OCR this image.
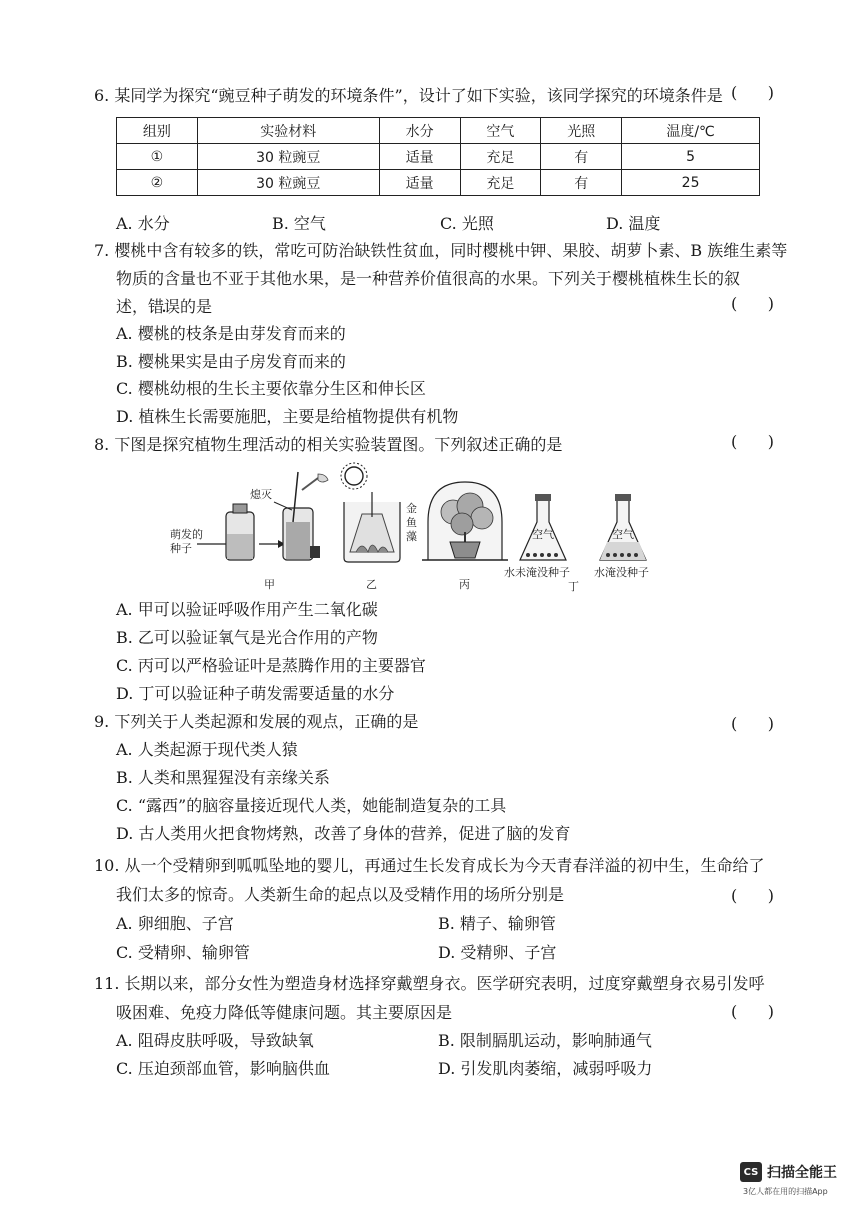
6. 某同学为探究“豌豆种子萌发的环境条件”，设计了如下实验，该同学探究的环境条件是 (      )
组别	实验材料	水分	空气	光照	温度/℃
①	30 粒豌豆	适量	充足	有	5
②	30 粒豌豆	适量	充足	有	25
A. 水分	B. 空气	C. 光照	D. 温度
7. 樱桃中含有较多的铁，常吃可防治缺铁性贫血，同时樱桃中钾、果胶、胡萝卜素、B 族维生素等
物质的含量也不亚于其他水果，是一种营养价值很高的水果。下列关于樱桃植株生长的叙
述，错误的是	(      )
A. 樱桃的枝条是由芽发育而来的
B. 樱桃果实是由子房发育而来的
C. 樱桃幼根的生长主要依靠分生区和伸长区
D. 植株生长需要施肥，主要是给植物提供有机物
8. 下图是探究植物生理活动的相关实验装置图。下列叙述正确的是	(      )
萌发的
种子
熄灭
甲
金
鱼
藻
乙	丙
空气
水未淹没种子
空气
水淹没种子
丁
A. 甲可以验证呼吸作用产生二氧化碳
B. 乙可以验证氧气是光合作用的产物
C. 丙可以严格验证叶是蒸腾作用的主要器官
D. 丁可以验证种子萌发需要适量的水分
9. 下列关于人类起源和发展的观点，正确的是	(      )
A. 人类起源于现代类人猿
B. 人类和黑猩猩没有亲缘关系
C. “露西”的脑容量接近现代人类，她能制造复杂的工具
D. 古人类用火把食物烤熟，改善了身体的营养，促进了脑的发育
10. 从一个受精卵到呱呱坠地的婴儿，再通过生长发育成长为今天青春洋溢的初中生，生命给了
我们太多的惊奇。人类新生命的起点以及受精作用的场所分别是	(      )
A. 卵细胞、子宫	B. 精子、输卵管
C. 受精卵、输卵管	D. 受精卵、子宫
11. 长期以来，部分女性为塑造身材选择穿戴塑身衣。医学研究表明，过度穿戴塑身衣易引发呼
吸困难、免疫力降低等健康问题。其主要原因是	(      )
A. 阻碍皮肤呼吸，导致缺氧	B. 限制膈肌运动，影响肺通气
C. 压迫颈部血管，影响脑供血	D. 引发肌肉萎缩，减弱呼吸力
CS 扫描全能王
3亿人都在用的扫描App
